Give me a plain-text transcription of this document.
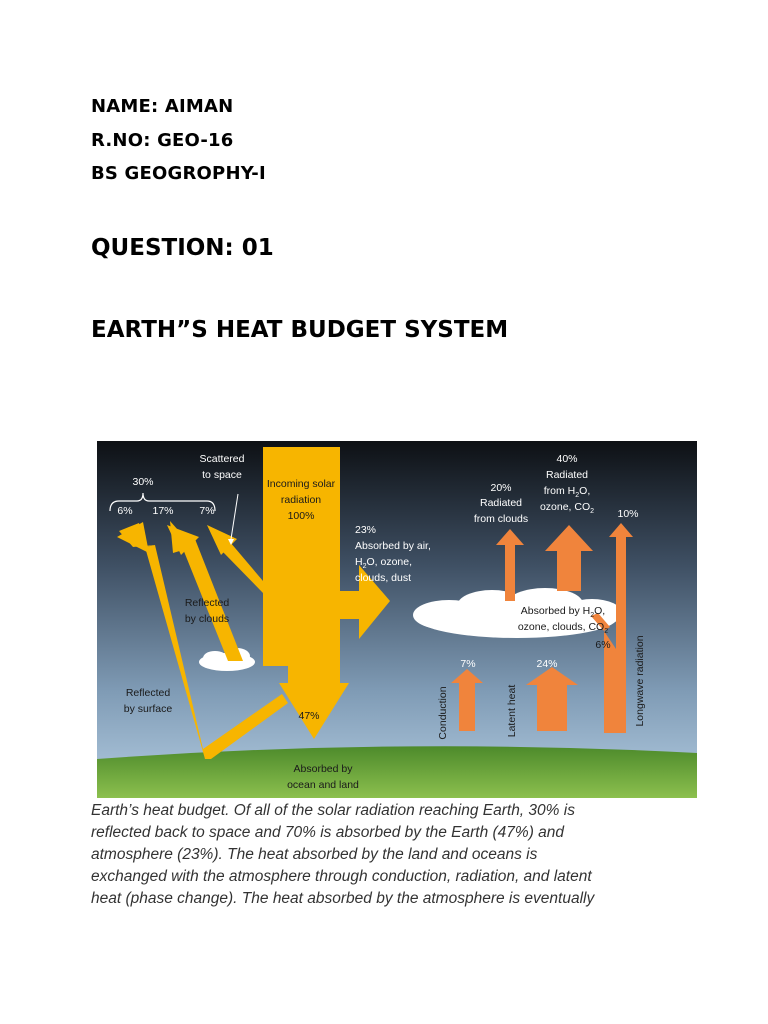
NAME: AIMAN
R.NO: GEO-16
BS GEOGROPHY-I
QUESTION: 01
EARTH”S HEAT BUDGET SYSTEM
30%
6% 17% 7%
Scattered
to space
20%
Radiated
from clouds
40%
Radiated
from $H_2O$,
ozone, $CO_2$ 10%
7%	24%
Incoming solar
radiation
100%
Reflected
by clouds
Reflected
by surface
47%
Absorbed by
ocean and land
Absorbed by $H_2O$,
ozone, clouds, $CO_2$
6%
Conduction	Latent heat	Longwave radiation
23%
Absorbed by air,
$H_2O$, ozone,
clouds, dust

Earth’s heat budget. Of all of the solar radiation reaching Earth, 30% is

reflected back to space and 70% is absorbed by the Earth (47%) and

atmosphere (23%). The heat absorbed by the land and oceans is

exchanged with the atmosphere through conduction, radiation, and latent

heat (phase change). The heat absorbed by the atmosphere is eventually
